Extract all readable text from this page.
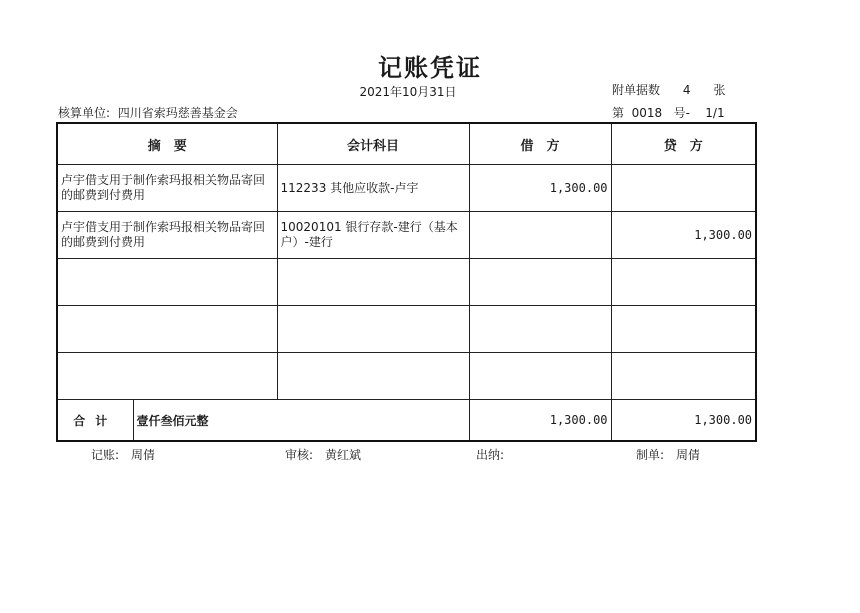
记账凭证
2021年10月31日	附单据数 4 张
核算单位: 四川省索玛慈善基金会	第 0018 号- 1/1
摘　要		会计科目	借　方	贷　方
卢宇借支用于制作索玛报相关物品寄回的邮费到付费用		112233 其他应收款-卢宇	1,300.00	
卢宇借支用于制作索玛报相关物品寄回的邮费到付费用		10020101 银行存款-建行（基本户）-建行		1,300.00

合计	壹仟叁佰元整		1,300.00	1,300.00
记账:　周倩	审核:　黄红斌	出纳:	制单:　周倩
